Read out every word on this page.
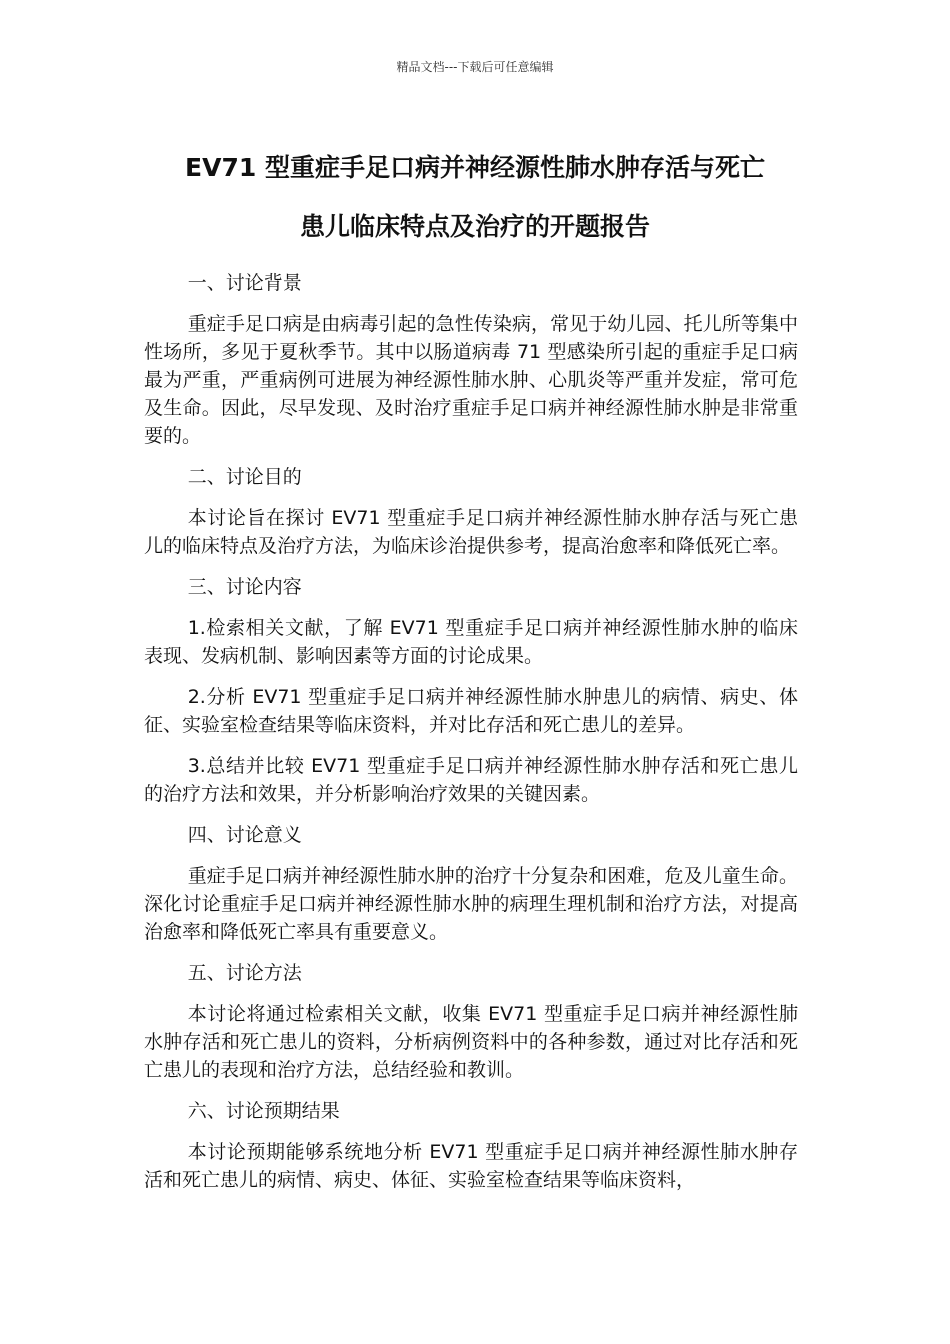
精品文档---下载后可任意编辑
EV71 型重症手足口病并神经源性肺水肿存活与死亡
患儿临床特点及治疗的开题报告

一、讨论背景

重症手足口病是由病毒引起的急性传染病，常见于幼儿园、托儿所等集中性场所，多见于夏秋季节。其中以肠道病毒 71 型感染所引起的重症手足口病最为严重，严重病例可进展为神经源性肺水肿、心肌炎等严重并发症，常可危及生命。因此，尽早发现、及时治疗重症手足口病并神经源性肺水肿是非常重要的。

二、讨论目的

本讨论旨在探讨 EV71 型重症手足口病并神经源性肺水肿存活与死亡患儿的临床特点及治疗方法，为临床诊治提供参考，提高治愈率和降低死亡率。

三、讨论内容

1.检索相关文献，了解 EV71 型重症手足口病并神经源性肺水肿的临床表现、发病机制、影响因素等方面的讨论成果。

2.分析 EV71 型重症手足口病并神经源性肺水肿患儿的病情、病史、体征、实验室检查结果等临床资料，并对比存活和死亡患儿的差异。

3.总结并比较 EV71 型重症手足口病并神经源性肺水肿存活和死亡患儿的治疗方法和效果，并分析影响治疗效果的关键因素。

四、讨论意义

重症手足口病并神经源性肺水肿的治疗十分复杂和困难，危及儿童生命。深化讨论重症手足口病并神经源性肺水肿的病理生理机制和治疗方法，对提高治愈率和降低死亡率具有重要意义。

五、讨论方法

本讨论将通过检索相关文献，收集 EV71 型重症手足口病并神经源性肺水肿存活和死亡患儿的资料，分析病例资料中的各种参数，通过对比存活和死亡患儿的表现和治疗方法，总结经验和教训。

六、讨论预期结果

本讨论预期能够系统地分析 EV71 型重症手足口病并神经源性肺水肿存活和死亡患儿的病情、病史、体征、实验室检查结果等临床资料，
